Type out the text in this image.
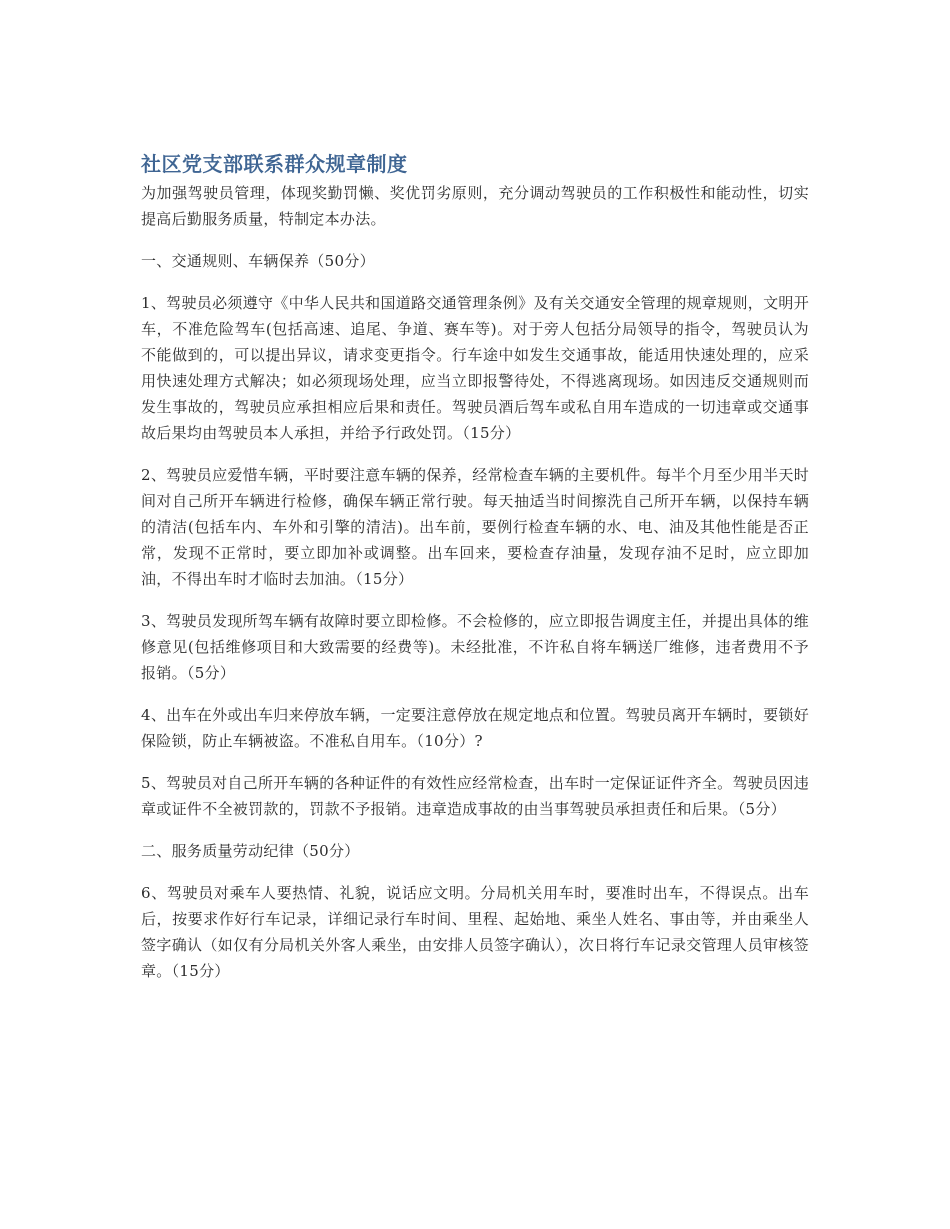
社区党支部联系群众规章制度

为加强驾驶员管理，体现奖勤罚懒、奖优罚劣原则，充分调动驾驶员的工作积极性和能动性，切实提高后勤服务质量，特制定本办法。

一、交通规则、车辆保养（50分）

1、驾驶员必须遵守《中华人民共和国道路交通管理条例》及有关交通安全管理的规章规则，文明开车，不准危险驾车(包括高速、追尾、争道、赛车等)。对于旁人包括分局领导的指令，驾驶员认为不能做到的，可以提出异议，请求变更指令。行车途中如发生交通事故，能适用快速处理的，应采用快速处理方式解决；如必须现场处理，应当立即报警待处，不得逃离现场。如因违反交通规则而发生事故的，驾驶员应承担相应后果和责任。驾驶员酒后驾车或私自用车造成的一切违章或交通事故后果均由驾驶员本人承担，并给予行政处罚。（15分）

2、驾驶员应爱惜车辆，平时要注意车辆的保养，经常检查车辆的主要机件。每半个月至少用半天时间对自己所开车辆进行检修，确保车辆正常行驶。每天抽适当时间擦洗自己所开车辆，以保持车辆的清洁(包括车内、车外和引擎的清洁)。出车前，要例行检查车辆的水、电、油及其他性能是否正常，发现不正常时，要立即加补或调整。出车回来，要检查存油量，发现存油不足时，应立即加油，不得出车时才临时去加油。（15分）

3、驾驶员发现所驾车辆有故障时要立即检修。不会检修的，应立即报告调度主任，并提出具体的维修意见(包括维修项目和大致需要的经费等)。未经批准，不许私自将车辆送厂维修，违者费用不予报销。（5分）

4、出车在外或出车归来停放车辆，一定要注意停放在规定地点和位置。驾驶员离开车辆时，要锁好保险锁，防止车辆被盗。不准私自用车。（10分）?

5、驾驶员对自己所开车辆的各种证件的有效性应经常检查，出车时一定保证证件齐全。驾驶员因违章或证件不全被罚款的，罚款不予报销。违章造成事故的由当事驾驶员承担责任和后果。（5分）

二、服务质量劳动纪律（50分）

6、驾驶员对乘车人要热情、礼貌，说话应文明。分局机关用车时，要准时出车，不得误点。出车后，按要求作好行车记录，详细记录行车时间、里程、起始地、乘坐人姓名、事由等，并由乘坐人签字确认（如仅有分局机关外客人乘坐，由安排人员签字确认），次日将行车记录交管理人员审核签章。（15分）
